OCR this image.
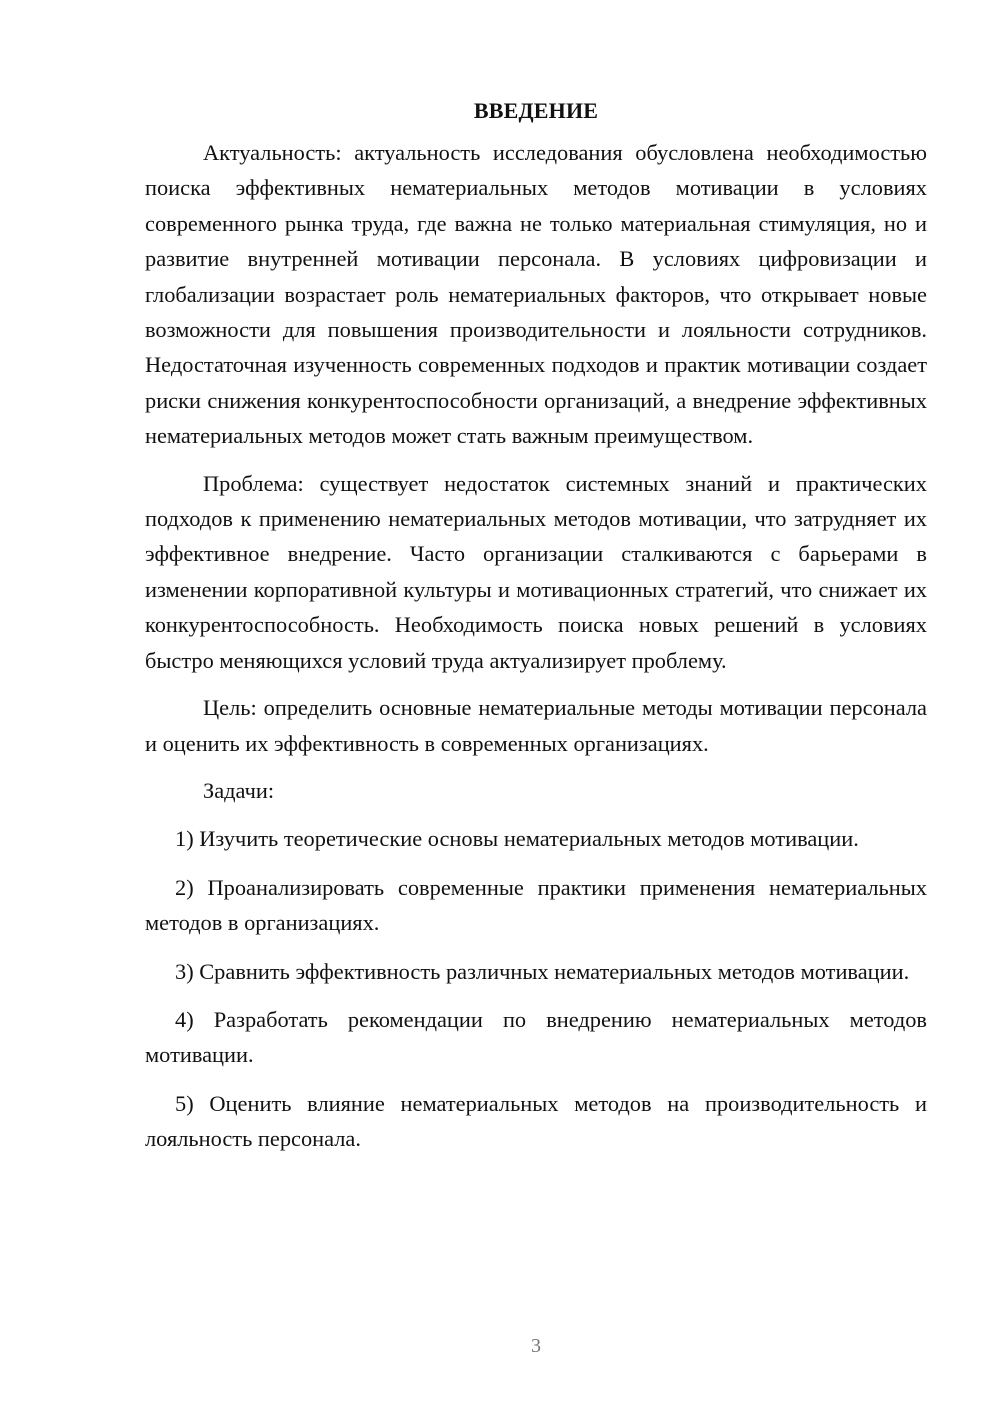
ВВЕДЕНИЕ

Актуальность: актуальность исследования обусловлена необходимостью поиска эффективных нематериальных методов мотивации в условиях современного рынка труда, где важна не только материальная стимуляция, но и развитие внутренней мотивации персонала. В условиях цифровизации и глобализации возрастает роль нематериальных факторов, что открывает новые возможности для повышения производительности и лояльности сотрудников. Недостаточная изученность современных подходов и практик мотивации создает риски снижения конкурентоспособности организаций, а внедрение эффективных нематериальных методов может стать важным преимуществом.

Проблема: существует недостаток системных знаний и практических подходов к применению нематериальных методов мотивации, что затрудняет их эффективное внедрение. Часто организации сталкиваются с барьерами в изменении корпоративной культуры и мотивационных стратегий, что снижает их конкурентоспособность. Необходимость поиска новых решений в условиях быстро меняющихся условий труда актуализирует проблему.

Цель: определить основные нематериальные методы мотивации персонала и оценить их эффективность в современных организациях.

Задачи:

1) Изучить теоретические основы нематериальных методов мотивации.

2) Проанализировать современные практики применения нематериальных методов в организациях.

3) Сравнить эффективность различных нематериальных методов мотивации.

4) Разработать рекомендации по внедрению нематериальных методов мотивации.

5) Оценить влияние нематериальных методов на производительность и лояльность персонала.

3
